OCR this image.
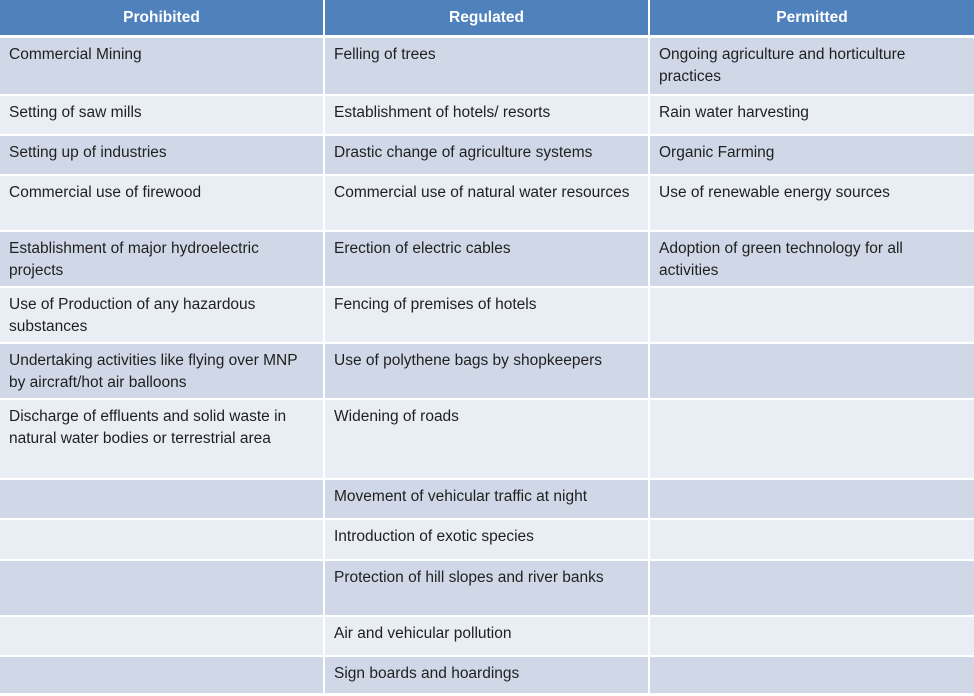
Prohibited	Regulated	Permitted
Commercial Mining	Felling of trees	Ongoing agriculture and horticulture practices
Setting of saw mills	Establishment of hotels/ resorts	Rain water harvesting
Setting up of industries	Drastic change of agriculture systems	Organic Farming
Commercial use of firewood	Commercial use of natural water resources	Use of renewable energy sources
Establishment of major hydroelectric projects	Erection of electric cables	Adoption of green technology for all activities
Use of Production of any hazardous substances	Fencing of premises of hotels	
Undertaking activities like flying over MNP by aircraft/hot air balloons	Use of polythene bags by shopkeepers	
Discharge of effluents and solid waste in natural water bodies or terrestrial area	Widening of roads	
	Movement of vehicular traffic at night	
	Introduction of exotic species	
	Protection of hill slopes and river banks	
	Air and vehicular pollution	
	Sign boards and hoardings	
